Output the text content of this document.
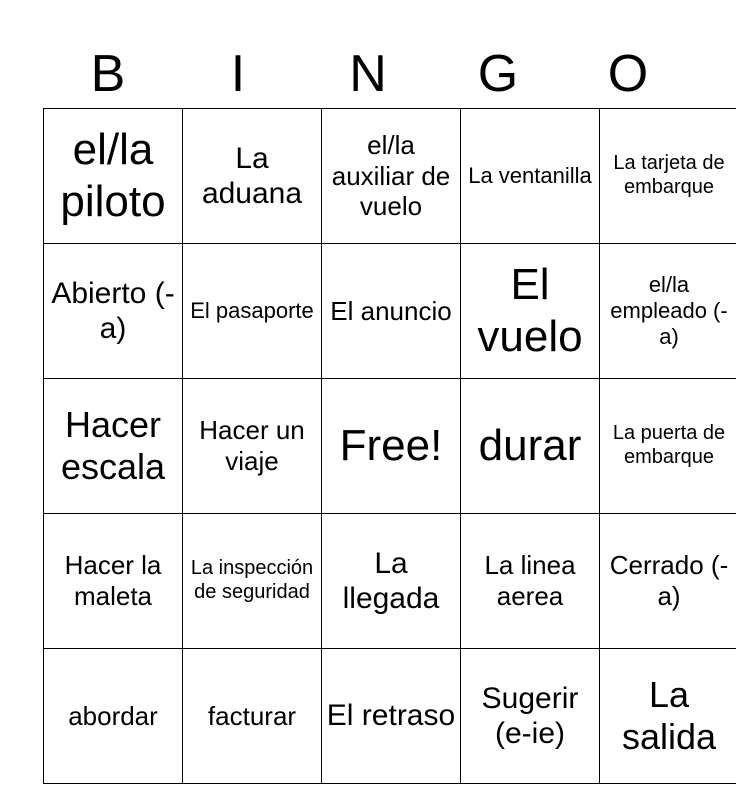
B	I	N	G	O
el/la piloto	La aduana	el/la auxiliar de vuelo	La ventanilla	La tarjeta de embarque
Abierto (-a)	El pasaporte	El anuncio	El vuelo	el/la empleado (-a)
Hacer escala	Hacer un viaje	Free!	durar	La puerta de embarque
Hacer la maleta	La inspección de seguridad	La llegada	La linea aerea	Cerrado (-a)
abordar	facturar	El retraso	Sugerir (e-ie)	La salida
